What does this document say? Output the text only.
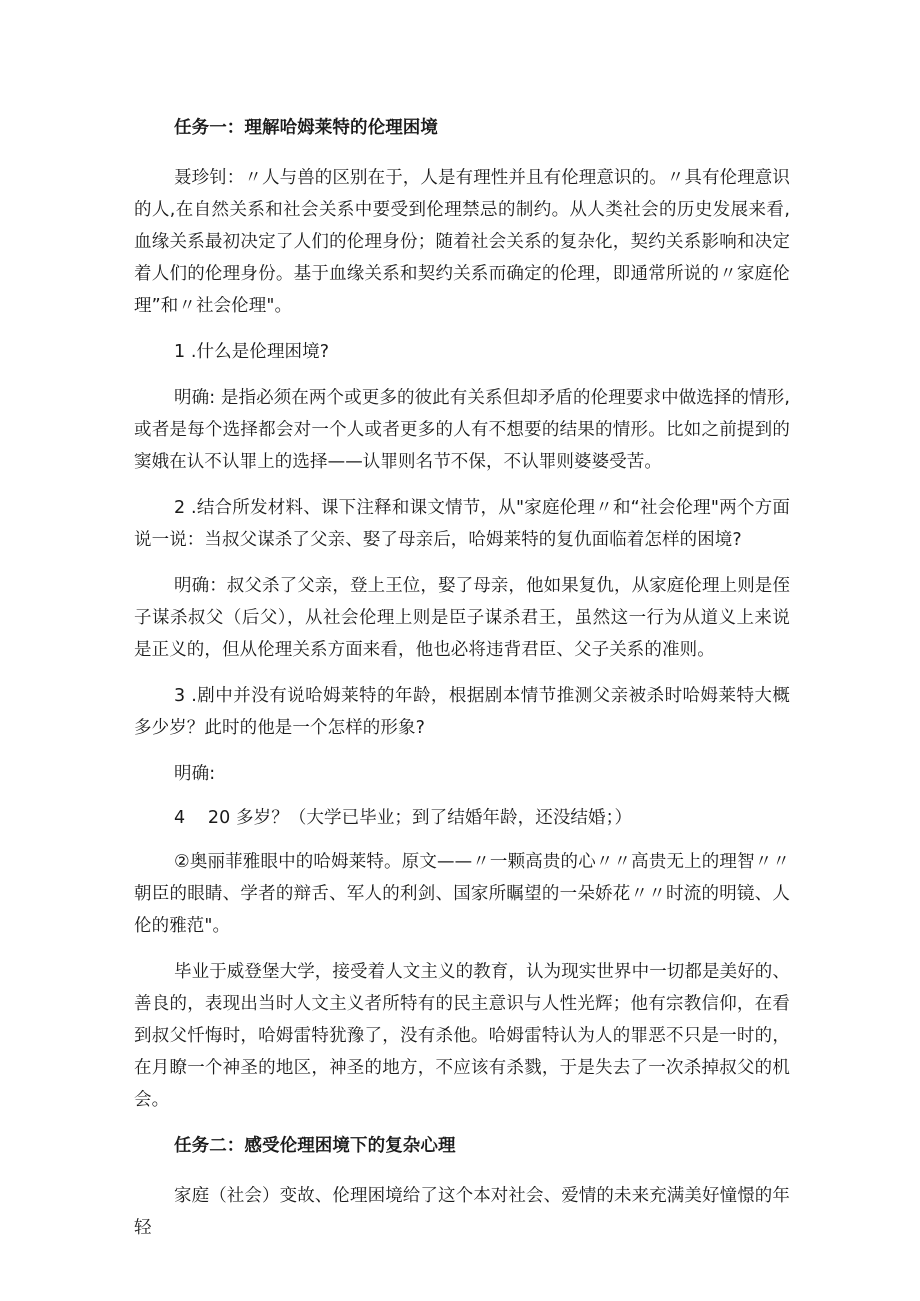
任务一：理解哈姆莱特的伦理困境

聂珍钊：〃人与兽的区别在于，人是有理性并且有伦理意识的。〃具有伦理意识的人,在自然关系和社会关系中要受到伦理禁忌的制约。从人类社会的历史发展来看,血缘关系最初决定了人们的伦理身份；随着社会关系的复杂化，契约关系影响和决定着人们的伦理身份。基于血缘关系和契约关系而确定的伦理，即通常所说的〃家庭伦理”和〃社会伦理"。

1 .什么是伦理困境?

明确: 是指必须在两个或更多的彼此有关系但却矛盾的伦理要求中做选择的情形,或者是每个选择都会对一个人或者更多的人有不想要的结果的情形。比如之前提到的窦娥在认不认罪上的选择——认罪则名节不保，不认罪则婆婆受苦。

2 .结合所发材料、课下注释和课文情节，从"家庭伦理〃和“社会伦理"两个方面说一说：当叔父谋杀了父亲、娶了母亲后，哈姆莱特的复仇面临着怎样的困境?

明确：叔父杀了父亲，登上王位，娶了母亲，他如果复仇，从家庭伦理上则是侄子谋杀叔父（后父），从社会伦理上则是臣子谋杀君王，虽然这一行为从道义上来说是正义的，但从伦理关系方面来看，他也必将违背君臣、父子关系的准则。

3 .剧中并没有说哈姆莱特的年龄，根据剧本情节推测父亲被杀时哈姆莱特大概多少岁？此时的他是一个怎样的形象?

明确:

4    20 多岁？（大学已毕业；到了结婚年龄，还没结婚；）

②奥丽菲雅眼中的哈姆莱特。原文——〃一颗高贵的心〃〃高贵无上的理智〃〃朝臣的眼睛、学者的辩舌、军人的利剑、国家所瞩望的一朵娇花〃〃时流的明镜、人伦的雅范"。

毕业于威登堡大学，接受着人文主义的教育，认为现实世界中一切都是美好的、善良的，表现出当时人文主义者所特有的民主意识与人性光辉；他有宗教信仰，在看到叔父忏悔时，哈姆雷特犹豫了，没有杀他。哈姆雷特认为人的罪恶不只是一时的，在月瞭一个神圣的地区，神圣的地方，不应该有杀戮，于是失去了一次杀掉叔父的机会。

任务二：感受伦理困境下的复杂心理

家庭（社会）变故、伦理困境给了这个本对社会、爱情的未来充满美好憧憬的年轻
